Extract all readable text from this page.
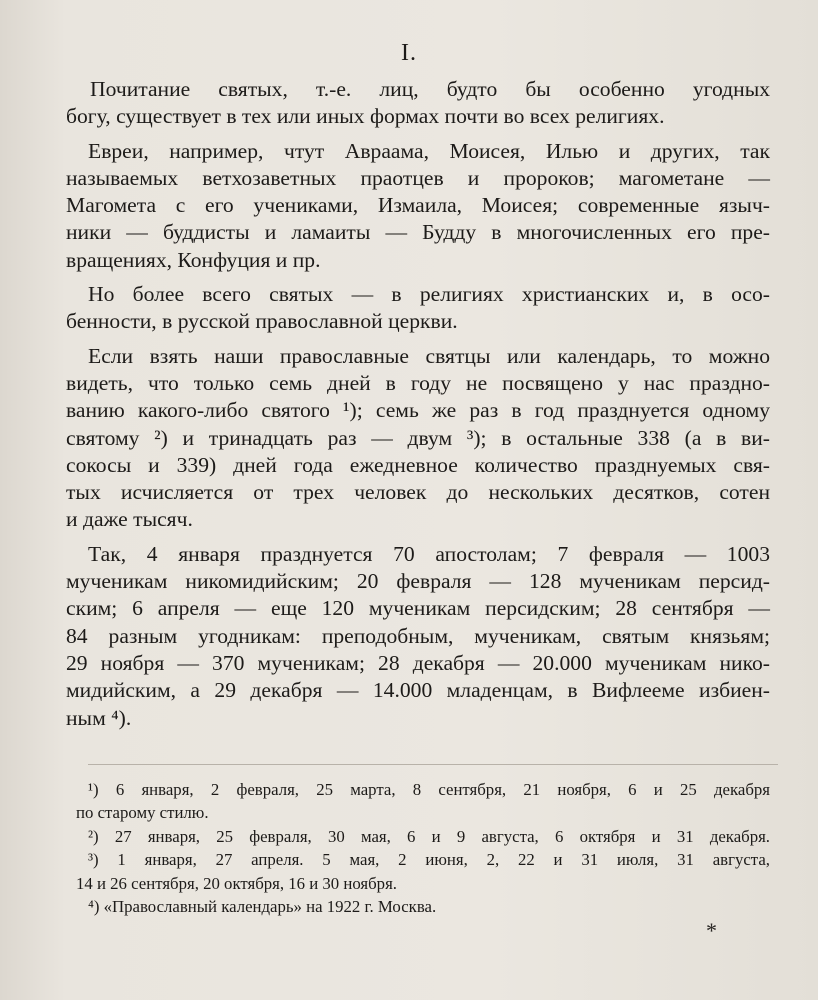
I.
Почитание святых, т.-е. лиц, будто бы особенно угодных
богу, существует в тех или иных формах почти во всех религиях.
Евреи, например, чтут Авраама, Моисея, Илью и других, так
называемых ветхозаветных праотцев и пророков; магометане —
Магомета с его учениками, Измаила, Моисея; современные языч-
ники — буддисты и ламаиты — Будду в многочисленных его пре-
вращениях, Конфуция и пр.
Но более всего святых — в религиях христианских и, в осо-
бенности, в русской православной церкви.
Если взять наши православные святцы или календарь, то можно
видеть, что только семь дней в году не посвящено у нас праздно-
ванию какого-либо святого ¹); семь же раз в год празднуется одному
святому ²) и тринадцать раз — двум ³); в остальные 338 (а в ви-
сокосы и 339) дней года ежедневное количество празднуемых свя-
тых исчисляется от трех человек до нескольких десятков, сотен
и даже тысяч.
Так, 4 января празднуется 70 апостолам; 7 февраля — 1003
мученикам никомидийским; 20 февраля — 128 мученикам персид-
ским; 6 апреля — еще 120 мученикам персидским; 28 сентября —
84 разным угодникам: преподобным, мученикам, святым князьям;
29 ноября — 370 мученикам; 28 декабря — 20.000 мученикам нико-
мидийским, а 29 декабря — 14.000 младенцам, в Вифлееме избиен-
ным ⁴).
¹) 6 января, 2 февраля, 25 марта, 8 сентября, 21 ноября, 6 и 25 декабря
по старому стилю.
²) 27 января, 25 февраля, 30 мая, 6 и 9 августа, 6 октября и 31 декабря.
³) 1 января, 27 апреля. 5 мая, 2 июня, 2, 22 и 31 июля, 31 августа,
14 и 26 сентября, 20 октября, 16 и 30 ноября.
⁴) «Православный календарь» на 1922 г. Москва.
*
